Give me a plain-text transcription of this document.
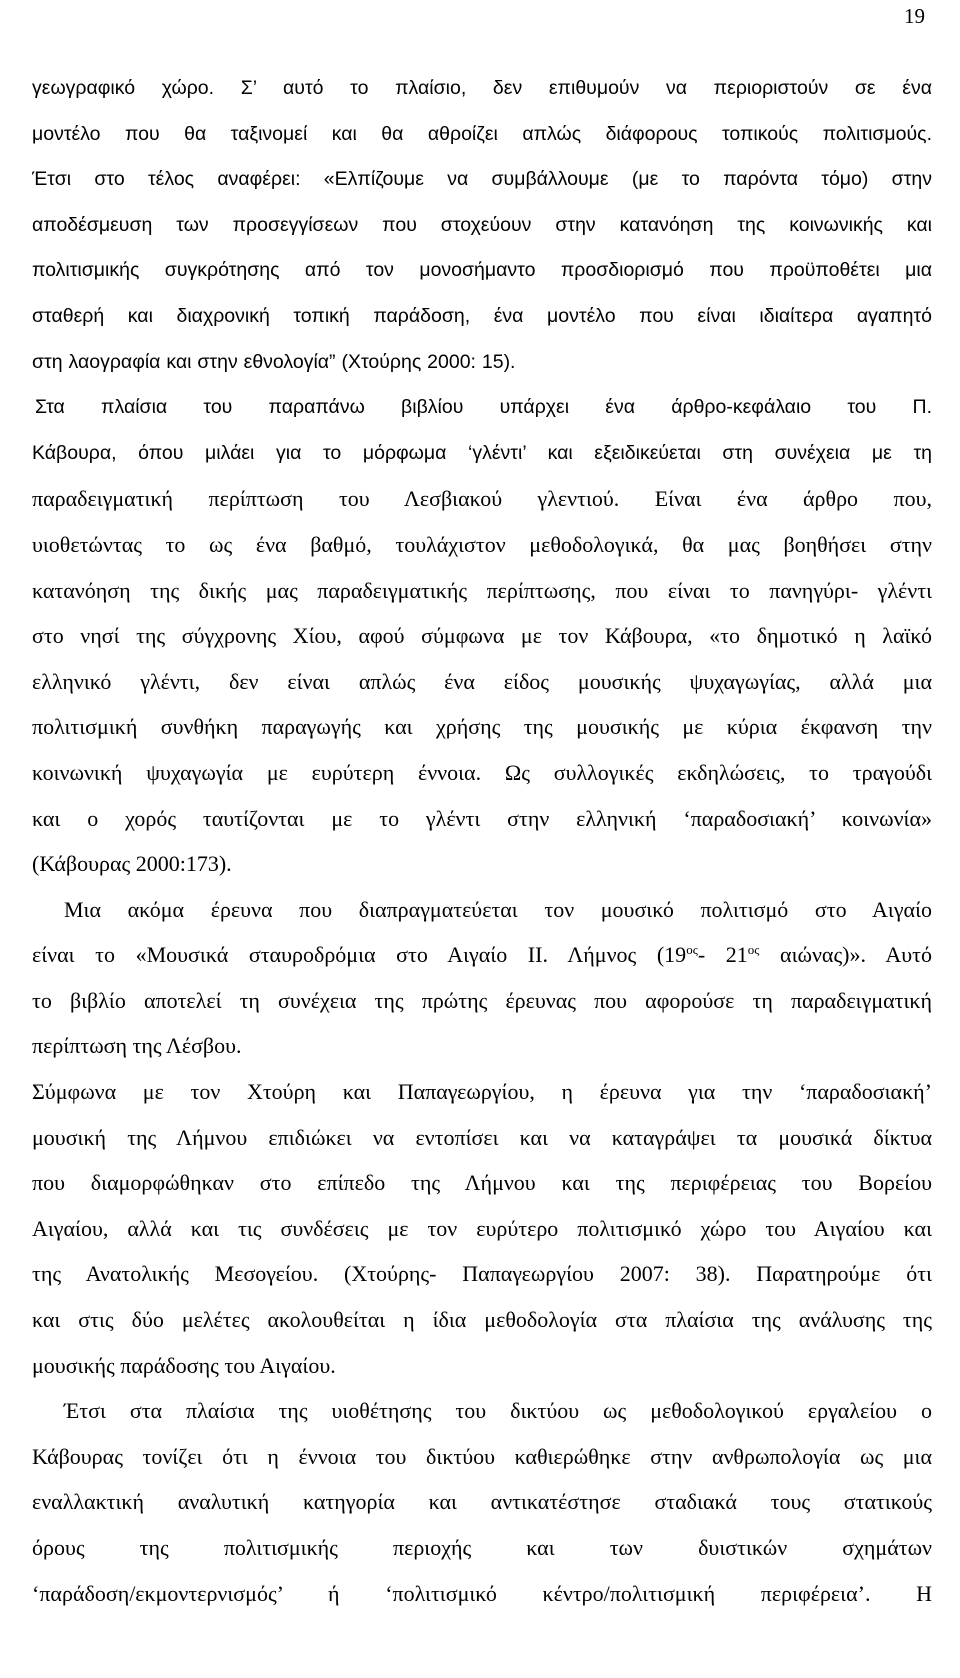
19
γεωγραφικό χώρο. Σ’ αυτό το πλαίσιο, δεν επιθυμούν να περιοριστούν σε ένα
μοντέλο που θα ταξινομεί και θα αθροίζει απλώς διάφορους τοπικούς πολιτισμούς.
Έτσι στο τέλος αναφέρει: «Ελπίζουμε να συμβάλλουμε (με το παρόντα τόμο) στην
αποδέσμευση των προσεγγίσεων που στοχεύουν στην κατανόηση της κοινωνικής και
πολιτισμικής συγκρότησης από τον μονοσήμαντο προσδιορισμό που προϋποθέτει μια
σταθερή και διαχρονική τοπική παράδοση, ένα μοντέλο που είναι ιδιαίτερα αγαπητό
στη λαογραφία και στην εθνολογία” (Χτούρης 2000: 15).
Στα πλαίσια του παραπάνω βιβλίου υπάρχει ένα άρθρο-κεφάλαιο του Π.
Κάβουρα, όπου μιλάει για το μόρφωμα ‘γλέντι’ και εξειδικεύεται στη συνέχεια με τη
παραδειγματική περίπτωση του Λεσβιακού γλεντιού. Είναι ένα άρθρο που,
υιοθετώντας το ως ένα βαθμό, τουλάχιστον μεθοδολογικά, θα μας βοηθήσει στην
κατανόηση της δικής μας παραδειγματικής περίπτωσης, που είναι το πανηγύρι- γλέντι
στο νησί της σύγχρονης Χίου, αφού σύμφωνα με τον Κάβουρα, «το δημοτικό η λαϊκό
ελληνικό γλέντι, δεν είναι απλώς ένα είδος μουσικής ψυχαγωγίας, αλλά μια
πολιτισμική συνθήκη παραγωγής και χρήσης της μουσικής με κύρια έκφανση την
κοινωνική ψυχαγωγία με ευρύτερη έννοια. Ως συλλογικές εκδηλώσεις, το τραγούδι
και ο χορός ταυτίζονται με το γλέντι στην ελληνική ‘παραδοσιακή’ κοινωνία»
(Κάβουρας 2000:173).
Μια ακόμα έρευνα που διαπραγματεύεται τον μουσικό πολιτισμό στο Αιγαίο
είναι το «Μουσικά σταυροδρόμια στο Αιγαίο ΙΙ. Λήμνος ($19^{o\varsigma}-$ $21^{o\varsigma}$ αιώνας)». Αυτό
το βιβλίο αποτελεί τη συνέχεια της πρώτης έρευνας που αφορούσε τη παραδειγματική
περίπτωση της Λέσβου.
Σύμφωνα με τον Χτούρη και Παπαγεωργίου, η έρευνα για την ‘παραδοσιακή’
μουσική της Λήμνου επιδιώκει να εντοπίσει και να καταγράψει τα μουσικά δίκτυα
που διαμορφώθηκαν στο επίπεδο της Λήμνου και της περιφέρειας του Βορείου
Αιγαίου, αλλά και τις συνδέσεις με τον ευρύτερο πολιτισμικό χώρο του Αιγαίου και
της Ανατολικής Μεσογείου. (Χτούρης- Παπαγεωργίου 2007: 38). Παρατηρούμε ότι
και στις δύο μελέτες ακολουθείται η ίδια μεθοδολογία στα πλαίσια της ανάλυσης της
μουσικής παράδοσης του Αιγαίου.
Έτσι στα πλαίσια της υιοθέτησης του δικτύου ως μεθοδολογικού εργαλείου ο
Κάβουρας τονίζει ότι η έννοια του δικτύου καθιερώθηκε στην ανθρωπολογία ως μια
εναλλακτική αναλυτική κατηγορία και αντικατέστησε σταδιακά τους στατικούς
όρους της πολιτισμικής περιοχής και των δυιστικών σχημάτων
‘παράδοση/εκμοντερνισμός’ ή ‘πολιτισμικό κέντρο/πολιτισμική περιφέρεια’. Η
